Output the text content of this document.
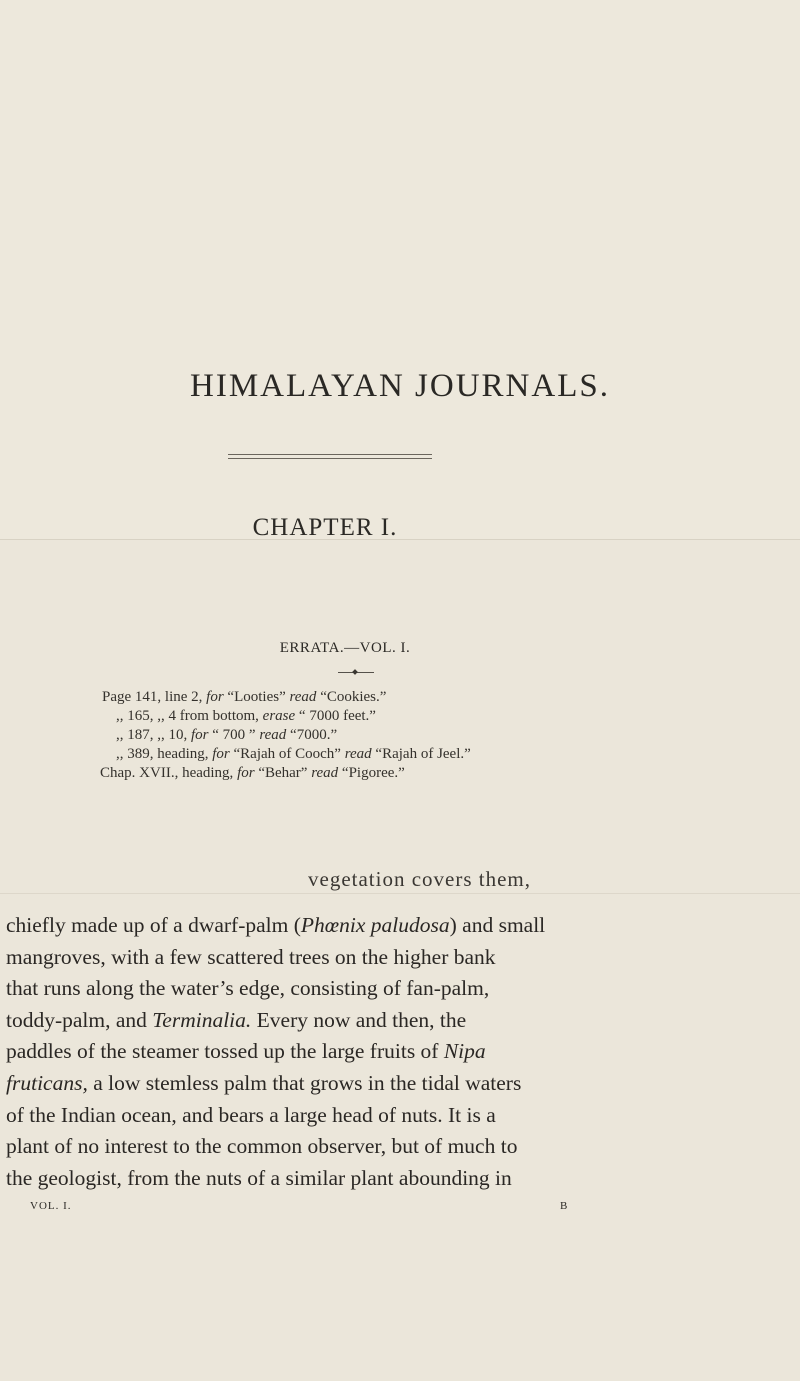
HIMALAYAN JOURNALS.
CHAPTER I.
ERRATA.—VOL. I.
Page 141, line 2, for “Looties” read “Cookies.”
,, 165, ,, 4 from bottom, erase “ 7000 feet.”
,, 187, ,, 10, for “ 700 ” read “7000.”
,, 389, heading, for “Rajah of Cooch” read “Rajah of Jeel.”
Chap. XVII., heading, for “Behar” read “Pigoree.”
vegetation covers them,
chiefly made up of a dwarf-palm (Phœnix paludosa) and small
mangroves, with a few scattered trees on the higher bank
that runs along the water’s edge, consisting of fan-palm,
toddy-palm, and Terminalia. Every now and then, the
paddles of the steamer tossed up the large fruits of Nipa
fruticans, a low stemless palm that grows in the tidal waters
of the Indian ocean, and bears a large head of nuts. It is a
plant of no interest to the common observer, but of much to
the geologist, from the nuts of a similar plant abounding in
VOL. I.	B
